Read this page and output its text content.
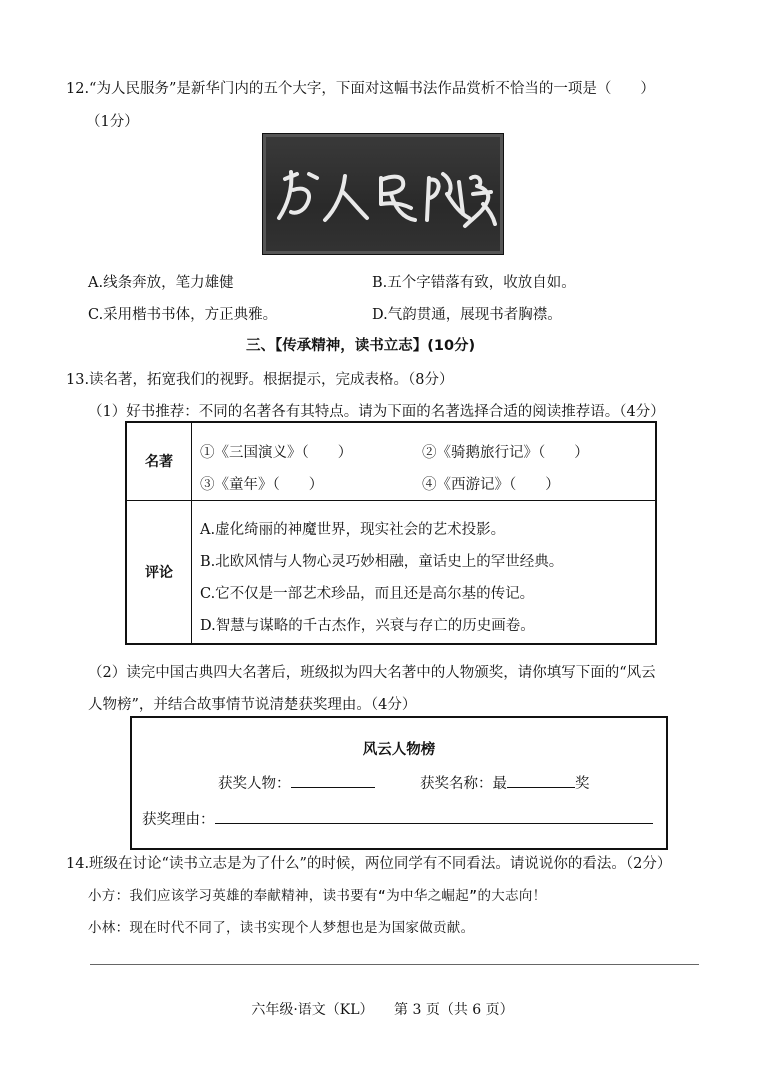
12.“为人民服务”是新华门内的五个大字，下面对这幅书法作品赏析不恰当的一项是（　　）
（1分）
A.线条奔放，笔力雄健	B.五个字错落有致，收放自如。
C.采用楷书书体，方正典雅。	D.气韵贯通，展现书者胸襟。
三、【传承精神，读书立志】(10分)
13.读名著，拓宽我们的视野。根据提示，完成表格。（8分）
（1）好书推荐：不同的名著各有其特点。请为下面的名著选择合适的阅读推荐语。（4分）
名著	①《三国演义》（　　） ②《骑鹅旅行记》（　　）
③《童年》（　　） ④《西游记》（　　）

评论	A.虚化绮丽的神魔世界，现实社会的艺术投影。
B.北欧风情与人物心灵巧妙相融，童话史上的罕世经典。
C.它不仅是一部艺术珍品，而且还是高尔基的传记。
D.智慧与谋略的千古杰作，兴衰与存亡的历史画卷。
（2）读完中国古典四大名著后，班级拟为四大名著中的人物颁奖，请你填写下面的“风云
人物榜”，并结合故事情节说清楚获奖理由。（4分）
风云人物榜
获奖人物：	获奖名称：最	奖
获奖理由：
14.班级在讨论“读书立志是为了什么”的时候，两位同学有不同看法。请说说你的看法。（2分）
小方：我们应该学习英雄的奉献精神，读书要有“为中华之崛起”的大志向！
小林：现在时代不同了，读书实现个人梦想也是为国家做贡献。
六年级·语文（KL） 第 3 页（共 6 页）
